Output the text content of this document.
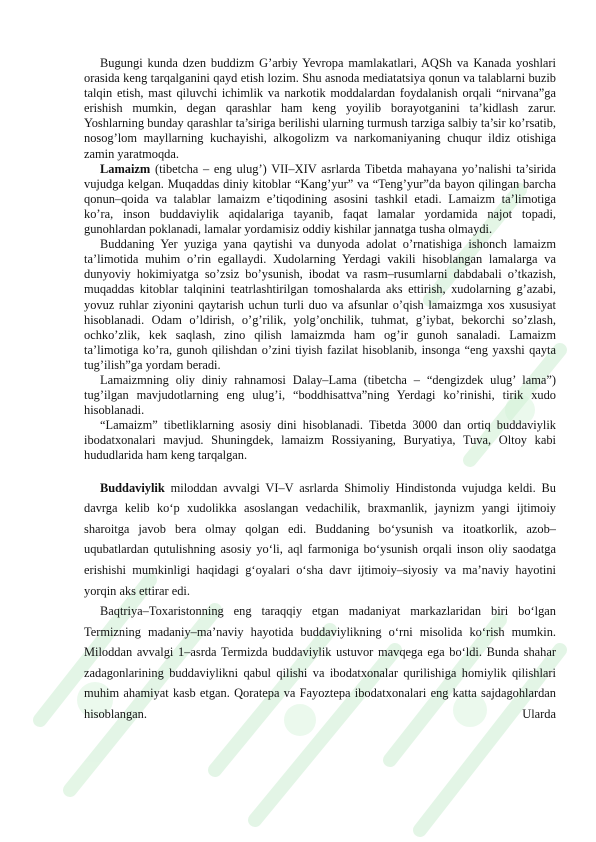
Bugungi kunda dzen buddizm G’arbiy Yevropa mamlakatlari, AQSh va Kanada yoshlari orasida keng tarqalganini qayd etish lozim. Shu asnoda mediatatsiya qonun va talablarni buzib talqin etish, mast qiluvchi ichimlik va narkotik moddalardan foydalanish orqali “nirvana”ga erishish mumkin, degan qarashlar ham keng yoyilib borayotganini ta’kidlash zarur. Yoshlarning bunday qarashlar ta’siriga berilishi ularning turmush tarziga salbiy ta’sir ko’rsatib, nosog’lom mayllarning kuchayishi, alkogolizm va narkomaniyaning chuqur ildiz otishiga zamin yaratmoqda.

Lamaizm (tibetcha – eng ulug’) VII–XIV asrlarda Tibetda mahayana yo’nalishi ta’sirida vujudga kelgan. Muqaddas diniy kitoblar “Kang’yur” va “Teng’yur”da bayon qilingan barcha qonun–qoida va talablar lamaizm e’tiqodining asosini tashkil etadi. Lamaizm ta’limotiga ko’ra, inson buddaviylik aqidalariga tayanib, faqat lamalar yordamida najot topadi, gunohlardan poklanadi, lamalar yordamisiz oddiy kishilar jannatga tusha olmaydi.

Buddaning Yer yuziga yana qaytishi va dunyoda adolat o’rnatishiga ishonch lamaizm ta’limotida muhim o’rin egallaydi. Xudolarning Yerdagi vakili hisoblangan lamalarga va dunyoviy hokimiyatga so’zsiz bo’ysunish, ibodat va rasm–rusumlarni dabdabali o’tkazish, muqaddas kitoblar talqinini teatrlashtirilgan tomoshalarda aks ettirish, xudolarning g’azabi, yovuz ruhlar ziyonini qaytarish uchun turli duo va afsunlar o’qish lamaizmga xos xususiyat hisoblanadi. Odam o’ldirish, o’g’rilik, yolg’onchilik, tuhmat, g’iybat, bekorchi so’zlash, ochko’zlik, kek saqlash, zino qilish lamaizmda ham og’ir gunoh sanaladi. Lamaizm ta’limotiga ko’ra, gunoh qilishdan o’zini tiyish fazilat hisoblanib, insonga “eng yaxshi qayta tug’ilish”ga yordam beradi.

Lamaizmning oliy diniy rahnamosi Dalay–Lama (tibetcha – “dengizdek ulug’ lama”) tug’ilgan mavjudotlarning eng ulug’i, “boddhisattva”ning Yerdagi ko’rinishi, tirik xudo hisoblanadi.

“Lamaizm” tibetliklarning asosiy dini hisoblanadi. Tibetda 3000 dan ortiq buddaviylik ibodatxonalari mavjud. Shuningdek, lamaizm Rossiyaning, Buryatiya, Tuva, Oltoy kabi hududlarida ham keng tarqalgan.

Buddaviylik miloddan avvalgi VI–V asrlarda Shimoliy Hindistonda vujudga keldi. Bu davrga kelib ko‘p xudolikka asoslangan vedachilik, braxmanlik, jaynizm yangi ijtimoiy sharoitga javob bera olmay qolgan edi. Buddaning bo‘ysunish va itoatkorlik, azob–uqubatlardan qutulishning asosiy yo‘li, aql farmoniga bo‘ysunish orqali inson oliy saodatga erishishi mumkinligi haqidagi g‘oyalari o‘sha davr ijtimoiy–siyosiy va ma’naviy hayotini yorqin aks ettirar edi.

Baqtriya–Toxaristonning eng taraqqiy etgan madaniyat markazlaridan biri bo‘lgan Termizning madaniy–ma’naviy hayotida buddaviylikning o‘rni misolida ko‘rish mumkin. Miloddan avvalgi 1–asrda Termizda buddaviylik ustuvor mavqega ega bo‘ldi. Bunda shahar zadagonlarining buddaviylikni qabul qilishi va ibodatxonalar qurilishiga homiylik qilishlari muhim ahamiyat kasb etgan. Qoratepa va Fayoztepa ibodatxonalari eng katta sajdagohlardan hisoblangan. Ularda
